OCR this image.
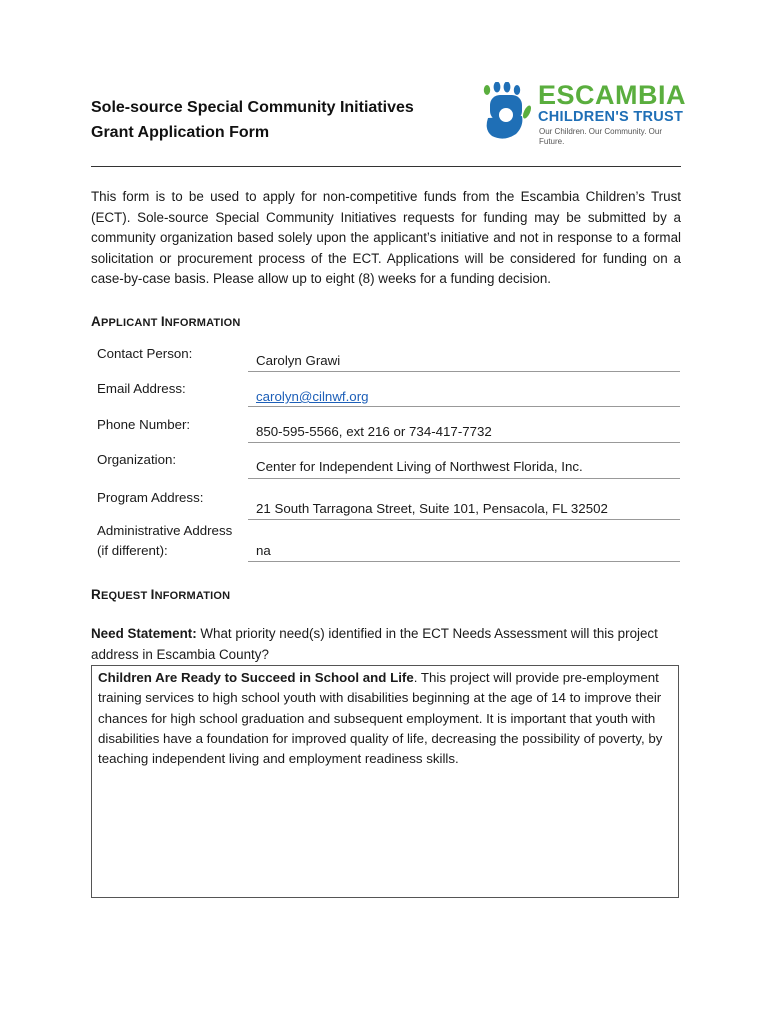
Sole-source Special Community Initiatives
Grant Application Form
ESCAMBIA
CHILDREN'S TRUST
Our Children. Our Community. Our Future.
This form is to be used to apply for non-competitive funds from the Escambia Children’s Trust (ECT). Sole-source Special Community Initiatives requests for funding may be submitted by a community organization based solely upon the applicant’s initiative and not in response to a formal solicitation or procurement process of the ECT. Applications will be considered for funding on a case-by-case basis. Please allow up to eight (8) weeks for a funding decision.
APPLICANT INFORMATION
Contact Person:	Carolyn Grawi
Email Address:
carolyn@cilnwf.org
Phone Number:	850-595-5566, ext 216 or 734-417-7732
Organization:	Center for Independent Living of Northwest Florida, Inc.
Program Address:
21 South Tarragona Street, Suite 101, Pensacola, FL 32502
Administrative Address
(if different):	na
REQUEST INFORMATION
Need Statement: What priority need(s) identified in the ECT Needs Assessment will this project address in Escambia County?
Children Are Ready to Succeed in School and Life. This project will provide pre-employment training services to high school youth with disabilities beginning at the age of 14 to improve their chances for high school graduation and subsequent employment. It is important that youth with disabilities have a foundation for improved quality of life, decreasing the possibility of poverty, by teaching independent living and employment readiness skills.
